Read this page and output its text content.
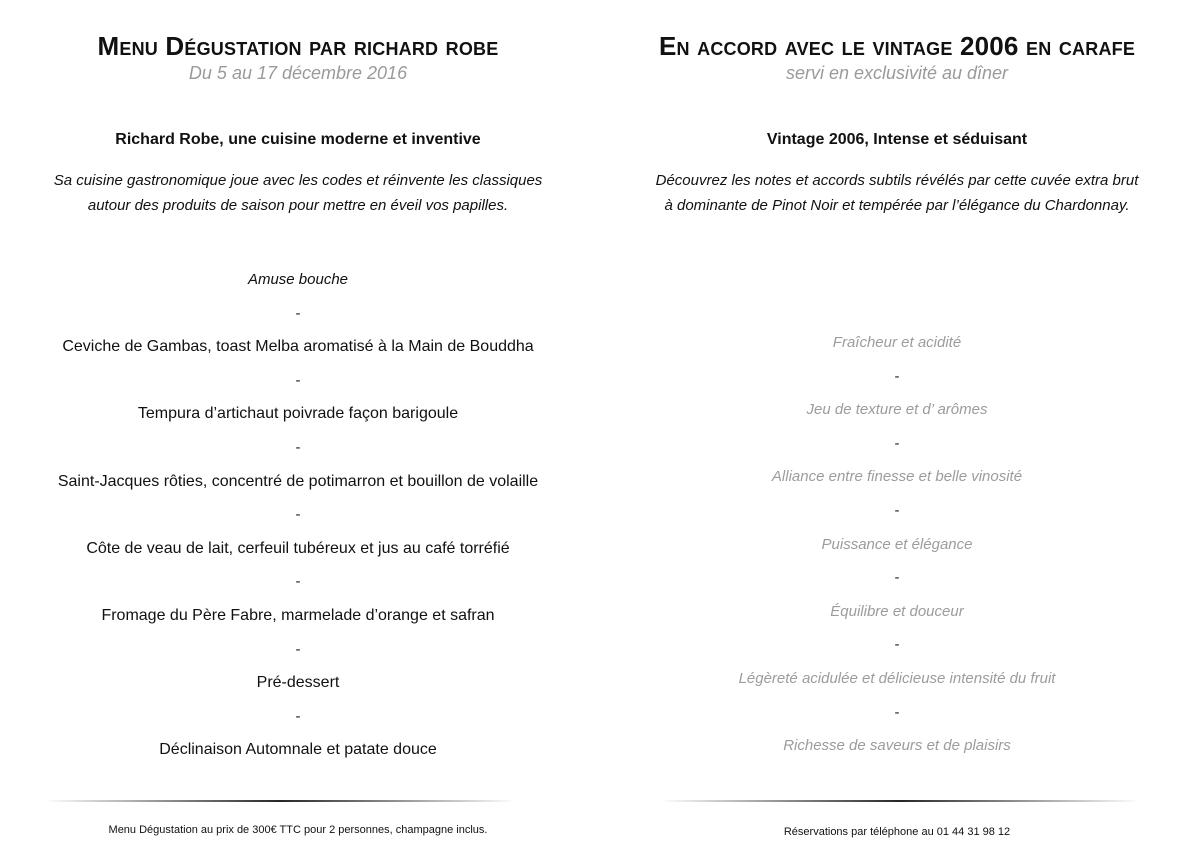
Menu Dégustation par richard robe
Du 5 au 17 décembre 2016
Richard Robe, une cuisine moderne et inventive

Sa cuisine gastronomique joue avec les codes et réinvente les classiques
autour des produits de saison pour mettre en éveil vos papilles.

Amuse bouche
-
Ceviche de Gambas, toast Melba aromatisé à la Main de Bouddha
-
Tempura d’artichaut poivrade façon barigoule
-
Saint-Jacques rôties, concentré de potimarron et bouillon de volaille
-
Côte de veau de lait, cerfeuil tubéreux et jus au café torréfié
-
Fromage du Père Fabre, marmelade d’orange et safran
-
Pré-dessert
-
Déclinaison Automnale et patate douce
Menu Dégustation au prix de 300€ TTC pour 2 personnes, champagne inclus.
En accord avec le vintage 2006 en carafe
servi en exclusivité au dîner
Vintage 2006, Intense et séduisant

Découvrez les notes et accords subtils révélés par cette cuvée extra brut
à dominante de Pinot Noir et tempérée par l’élégance du Chardonnay.

Fraîcheur et acidité
-
Jeu de texture et d’ arômes
-
Alliance entre finesse et belle vinosité
-
Puissance et élégance
-
Équilibre et douceur
-
Légèreté acidulée et délicieuse intensité du fruit
-
Richesse de saveurs et de plaisirs
Réservations par téléphone au 01 44 31 98 12
